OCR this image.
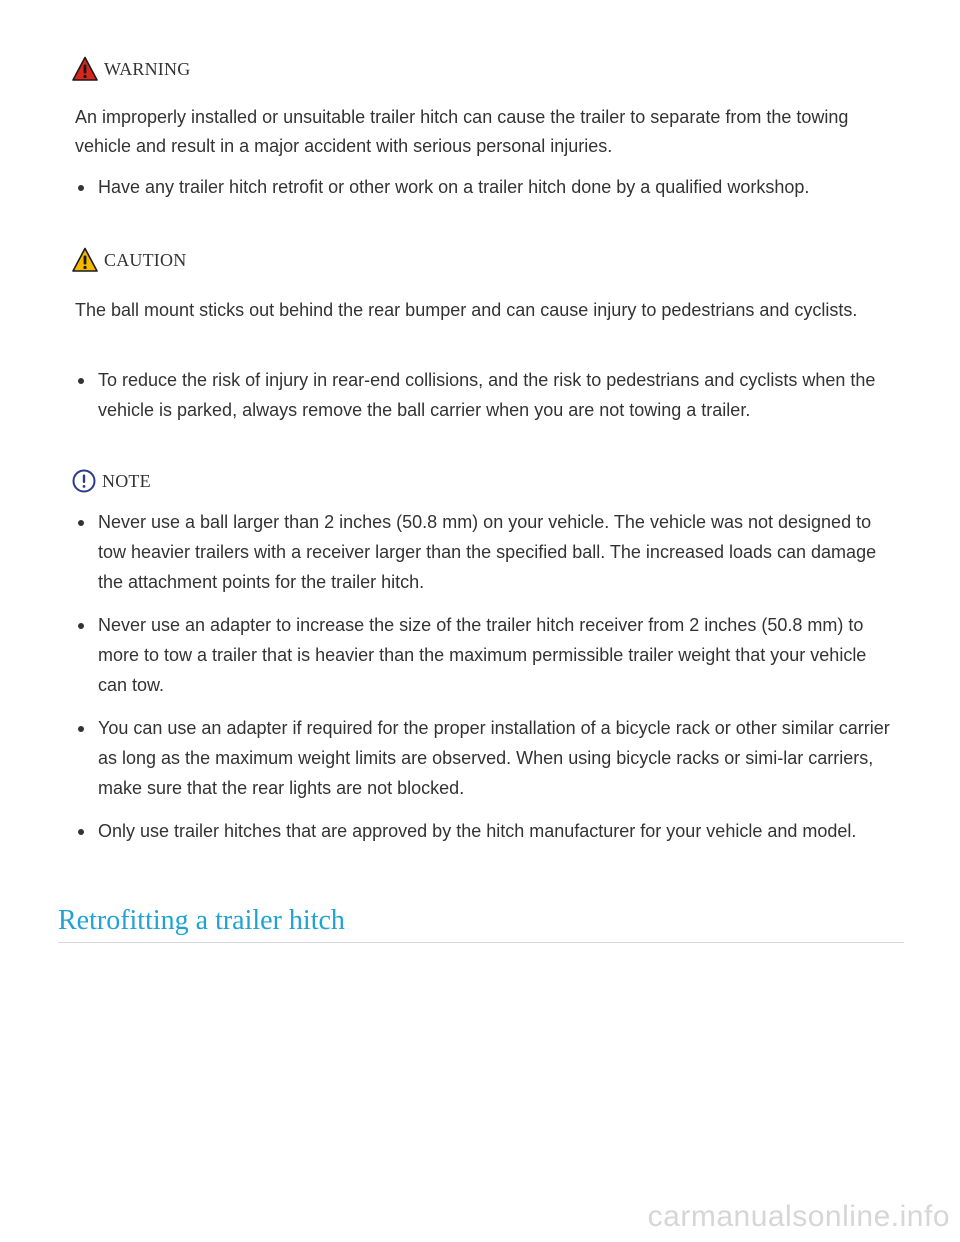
WARNING

An improperly installed or unsuitable trailer hitch can cause the trailer to separate from the towing vehicle and result in a major accident with serious personal injuries.

Have any trailer hitch retrofit or other work on a trailer hitch done by a qualified workshop.
CAUTION

The ball mount sticks out behind the rear bumper and can cause injury to pedestrians and cyclists.

To reduce the risk of injury in rear-end collisions, and the risk to pedestrians and cyclists when the vehicle is parked, always remove the ball carrier when you are not towing a trailer.
NOTE
Never use a ball larger than 2 inches (50.8 mm) on your vehicle. The vehicle was not designed to tow heavier trailers with a receiver larger than the specified ball. The increased loads can damage the attachment points for the trailer hitch.
Never use an adapter to increase the size of the trailer hitch receiver from 2 inches (50.8 mm) to more to tow a trailer that is heavier than the maximum permissible trailer weight that your vehicle can tow.
You can use an adapter if required for the proper installation of a bicycle rack or other similar carrier as long as the maximum weight limits are observed. When using bicycle racks or simi-lar carriers, make sure that the rear lights are not blocked.
Only use trailer hitches that are approved by the hitch manufacturer for your vehicle and model.
Retrofitting a trailer hitch
carmanualsonline.info
